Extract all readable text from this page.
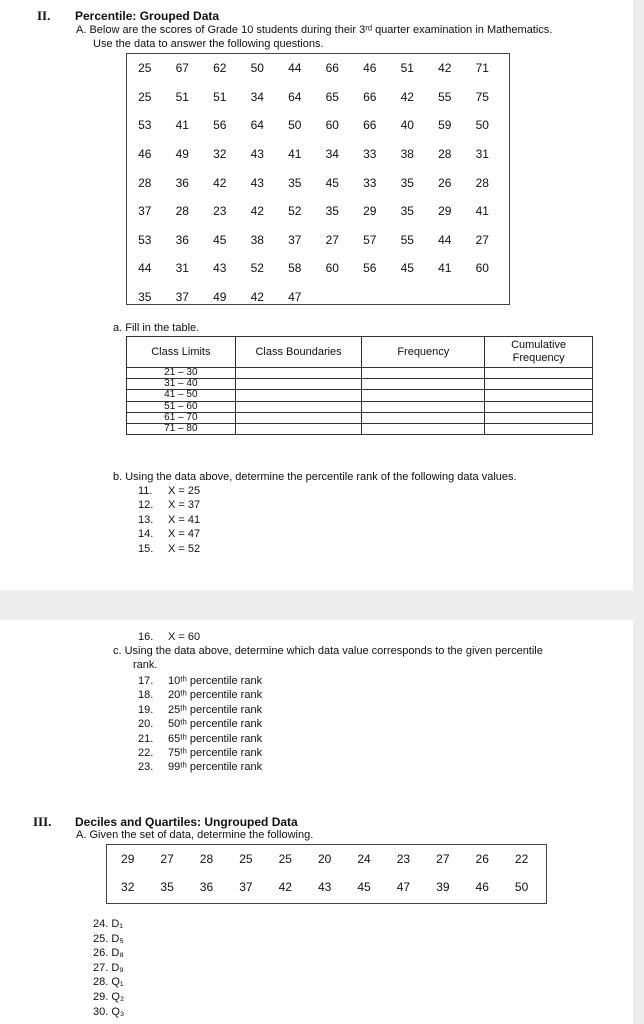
II. Percentile: Grouped Data
A. Below are the scores of Grade 10 students during their 3ʳᵈ quarter examination in Mathematics.
Use the data to answer the following questions.
25	67	62	50	44	66	46	51	42	71
25	51	51	34	64	65	66	42	55	75
53	41	56	64	50	60	66	40	59	50
46	49	32	43	41	34	33	38	28	31
28	36	42	43	35	45	33	35	26	28
37	28	23	42	52	35	29	35	29	41
53	36	45	38	37	27	57	55	44	27
44	31	43	52	58	60	56	45	41	60
35	37	49	42	47					
a. Fill in the table.
Class Limits	Class Boundaries	Frequency	Cumulative Frequency
21 – 30			
31 – 40			
41 – 50			
51 – 60			
61 – 70			
71 – 80			
b. Using the data above, determine the percentile rank of the following data values.
11. X = 25
12. X = 37
13. X = 41
14. X = 47
15. X = 52
16. X = 60
c. Using the data above, determine which data value corresponds to the given percentile
rank.
17. 10ᵗʰ percentile rank
18. 20ᵗʰ percentile rank
19. 25ᵗʰ percentile rank
20. 50ᵗʰ percentile rank
21. 65ᵗʰ percentile rank
22. 75ᵗʰ percentile rank
23. 99ᵗʰ percentile rank
III. Deciles and Quartiles: Ungrouped Data
A. Given the set of data, determine the following.
29	27	28	25	25	20	24	23	27	26	22
32	35	36	37	42	43	45	47	39	46	50
24. D₁
25. D₅
26. D₈
27. D₉
28. Q₁
29. Q₂
30. Q₃
